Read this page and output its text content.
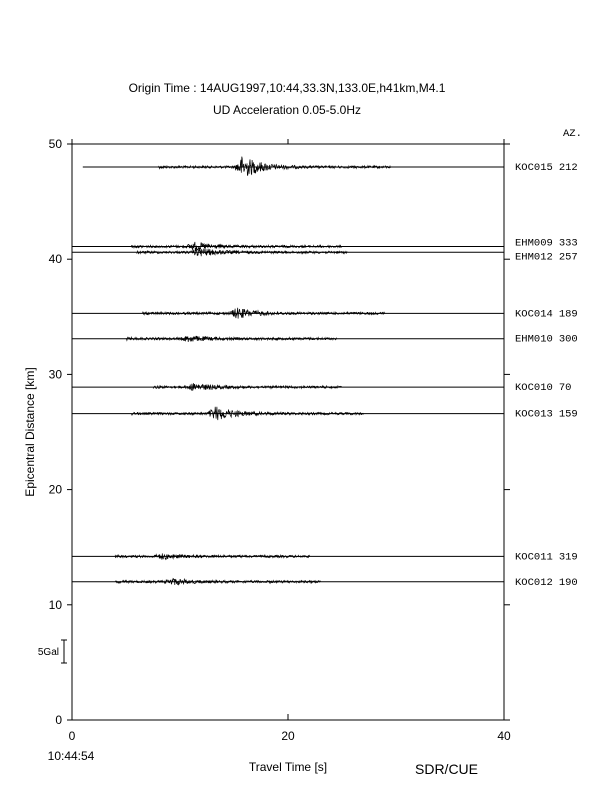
Origin Time : 14AUG1997,10:44,33.3N,133.0E,h41km,M4.1
UD Acceleration 0.05-5.0Hz
AZ.
0
10
20
30
40
50
0	20	40
KOC015 212
EHM009 333
EHM012 257
KOC014 189
EHM010 300
KOC010 70
KOC013 159
KOC011 319
KOC012 190
Epicentral Distance [km]
Travel Time [s]
10:44:54
SDR/CUE
5Gal
